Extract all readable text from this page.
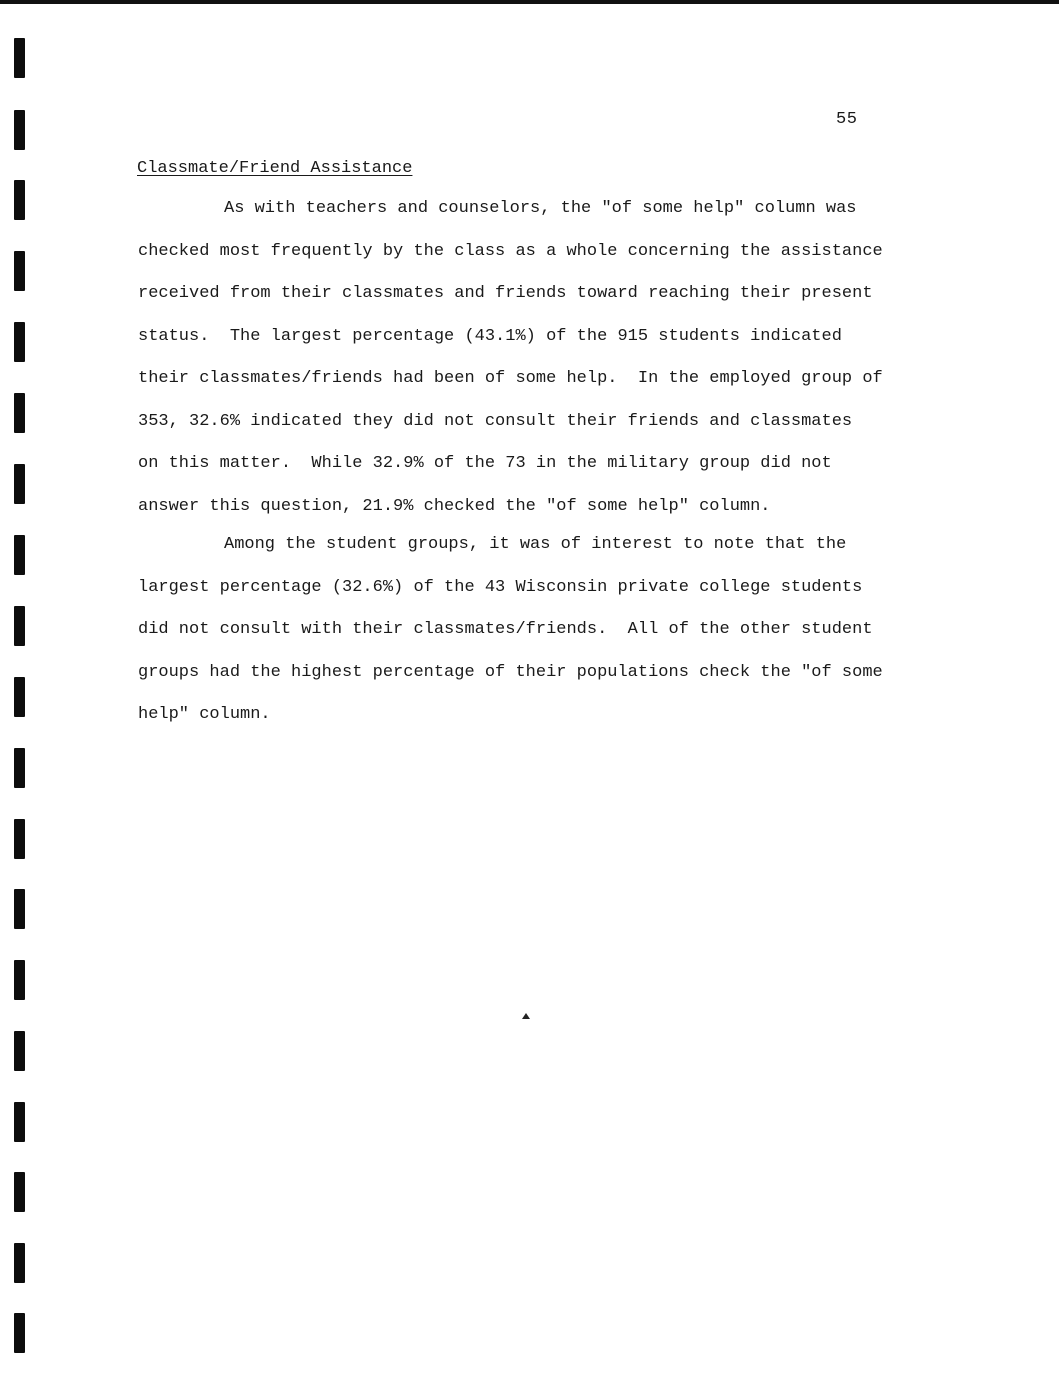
55
Classmate/Friend Assistance

As with teachers and counselors, the "of some help" column was
checked most frequently by the class as a whole concerning the assistance
received from their classmates and friends toward reaching their present
status.  The largest percentage (43.1%) of the 915 students indicated
their classmates/friends had been of some help.  In the employed group of
353, 32.6% indicated they did not consult their friends and classmates
on this matter.  While 32.9% of the 73 in the military group did not
answer this question, 21.9% checked the "of some help" column.

Among the student groups, it was of interest to note that the
largest percentage (32.6%) of the 43 Wisconsin private college students
did not consult with their classmates/friends.  All of the other student
groups had the highest percentage of their populations check the "of some
help" column.
